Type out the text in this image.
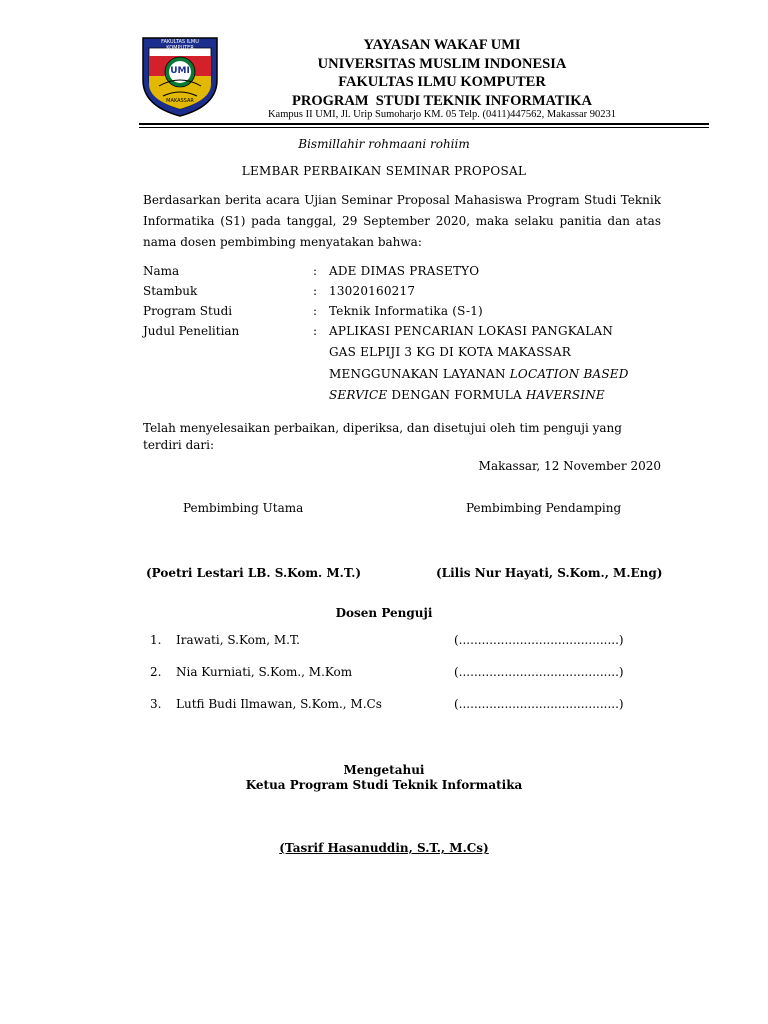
FAKULTAS ILMU KOMPUTER
UMI
MAKASSAR
YAYASAN WAKAF UMI
UNIVERSITAS MUSLIM INDONESIA
FAKULTAS ILMU KOMPUTER
PROGRAM  STUDI TEKNIK INFORMATIKA
Kampus II UMI, Jl. Urip Sumoharjo KM. 05 Telp. (0411)447562, Makassar 90231
Bismillahir rohmaani rohiim
LEMBAR PERBAIKAN SEMINAR PROPOSAL
Berdasarkan berita acara Ujian Seminar Proposal Mahasiswa Program Studi Teknik Informatika (S1) pada tanggal, 29 September 2020, maka selaku panitia dan atas nama dosen pembimbing menyatakan bahwa:
Nama	: ADE DIMAS PRASETYO
Stambuk	: 13020160217
Program Studi	: Teknik Informatika (S-1)
Judul Penelitian	: APLIKASI PENCARIAN LOKASI PANGKALAN
GAS ELPIJI 3 KG DI KOTA MAKASSAR
MENGGUNAKAN LAYANAN LOCATION BASED
SERVICE DENGAN FORMULA HAVERSINE
Telah menyelesaikan perbaikan, diperiksa, dan disetujui oleh tim penguji yang terdiri dari:
Makassar, 12 November 2020
Pembimbing Utama	Pembimbing Pendamping
(Poetri Lestari LB. S.Kom. M.T.)	(Lilis Nur Hayati, S.Kom., M.Eng)
Dosen Penguji
1. Irawati, S.Kom, M.T.	(..........................................)
2. Nia Kurniati, S.Kom., M.Kom	(..........................................)
3. Lutfi Budi Ilmawan, S.Kom., M.Cs	(..........................................)
Mengetahui
Ketua Program Studi Teknik Informatika
(Tasrif Hasanuddin, S.T., M.Cs)
